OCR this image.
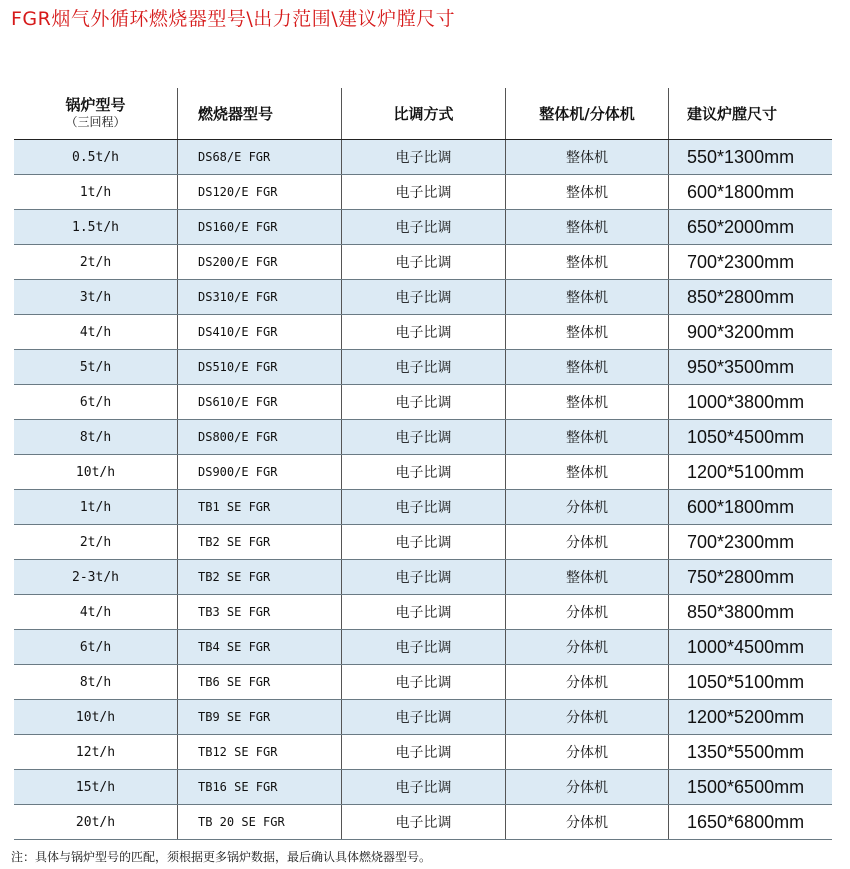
FGR烟气外循环燃烧器型号\出力范围\建议炉膛尺寸
锅炉型号
（三回程）	燃烧器型号	比调方式	整体机/分体机	建议炉膛尺寸
0.5t/h	DS68/E FGR	电子比调	整体机	550*1300mm
1t/h	DS120/E FGR	电子比调	整体机	600*1800mm
1.5t/h	DS160/E FGR	电子比调	整体机	650*2000mm
2t/h	DS200/E FGR	电子比调	整体机	700*2300mm
3t/h	DS310/E FGR	电子比调	整体机	850*2800mm
4t/h	DS410/E FGR	电子比调	整体机	900*3200mm
5t/h	DS510/E FGR	电子比调	整体机	950*3500mm
6t/h	DS610/E FGR	电子比调	整体机	1000*3800mm
8t/h	DS800/E FGR	电子比调	整体机	1050*4500mm
10t/h	DS900/E FGR	电子比调	整体机	1200*5100mm
1t/h	TB1 SE FGR	电子比调	分体机	600*1800mm
2t/h	TB2 SE FGR	电子比调	分体机	700*2300mm
2-3t/h	TB2 SE FGR	电子比调	整体机	750*2800mm
4t/h	TB3 SE FGR	电子比调	分体机	850*3800mm
6t/h	TB4 SE FGR	电子比调	分体机	1000*4500mm
8t/h	TB6 SE FGR	电子比调	分体机	1050*5100mm
10t/h	TB9 SE FGR	电子比调	分体机	1200*5200mm
12t/h	TB12 SE FGR	电子比调	分体机	1350*5500mm
15t/h	TB16 SE FGR	电子比调	分体机	1500*6500mm
20t/h	TB 20 SE FGR	电子比调	分体机	1650*6800mm
注：具体与锅炉型号的匹配，须根据更多锅炉数据，最后确认具体燃烧器型号。
